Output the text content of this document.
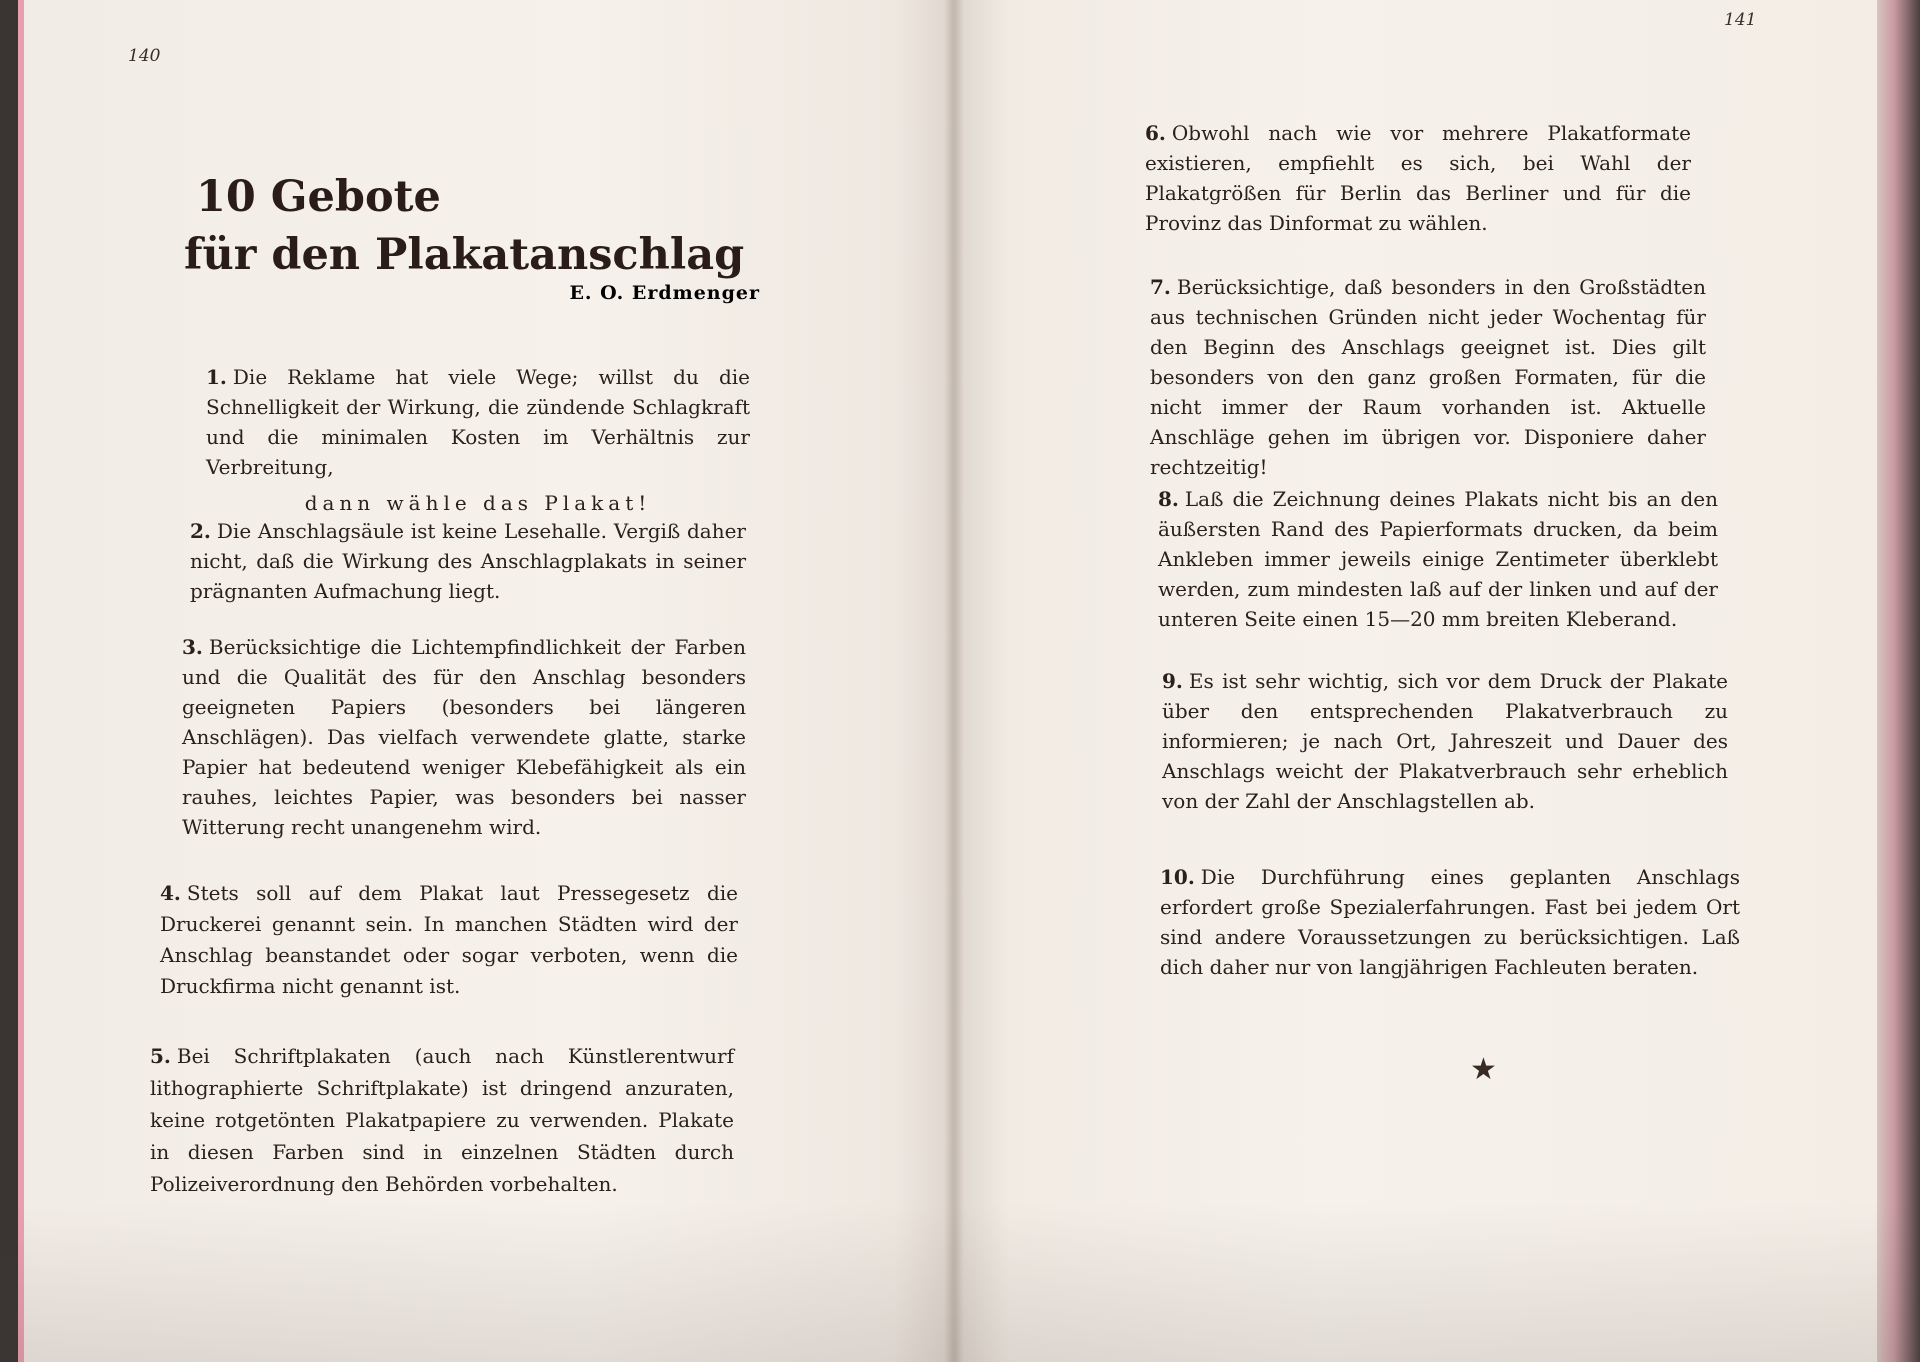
140
10 Gebote
für den Plakatanschlag
E. O. Erdmenger
1. Die Reklame hat viele Wege; willst du die Schnelligkeit der Wirkung, die zündende Schlagkraft und die minimalen Kosten im Verhältnis zur Verbreitung,
dann wähle das Plakat!
2. Die Anschlagsäule ist keine Lesehalle. Vergiß daher nicht, daß die Wirkung des Anschlagplakats in seiner prägnanten Aufmachung liegt.
3. Berücksichtige die Lichtempfindlichkeit der Farben und die Qualität des für den Anschlag besonders geeigneten Papiers (besonders bei längeren Anschlägen). Das vielfach verwendete glatte, starke Papier hat bedeutend weniger Klebefähigkeit als ein rauhes, leichtes Papier, was besonders bei nasser Witterung recht unangenehm wird.
4. Stets soll auf dem Plakat laut Pressegesetz die Druckerei genannt sein. In manchen Städten wird der Anschlag beanstandet oder sogar verboten, wenn die Druckfirma nicht genannt ist.
5. Bei Schriftplakaten (auch nach Künstlerentwurf lithographierte Schriftplakate) ist dringend anzuraten, keine rotgetönten Plakatpapiere zu verwenden. Plakate in diesen Farben sind in einzelnen Städten durch Polizeiverordnung den Behörden vorbehalten.
141
6. Obwohl nach wie vor mehrere Plakatformate existieren, empfiehlt es sich, bei Wahl der Plakatgrößen für Berlin das Berliner und für die Provinz das Dinformat zu wählen.
7. Berücksichtige, daß besonders in den Großstädten aus technischen Gründen nicht jeder Wochentag für den Beginn des Anschlags geeignet ist. Dies gilt besonders von den ganz großen Formaten, für die nicht immer der Raum vorhanden ist. Aktuelle Anschläge gehen im übrigen vor. Disponiere daher rechtzeitig!
8. Laß die Zeichnung deines Plakats nicht bis an den äußersten Rand des Papierformats drucken, da beim Ankleben immer jeweils einige Zentimeter überklebt werden, zum mindesten laß auf der linken und auf der unteren Seite einen 15—20 mm breiten Kleberand.
9. Es ist sehr wichtig, sich vor dem Druck der Plakate über den entsprechenden Plakatverbrauch zu informieren; je nach Ort, Jahreszeit und Dauer des Anschlags weicht der Plakatverbrauch sehr erheblich von der Zahl der Anschlagstellen ab.
10. Die Durchführung eines geplanten Anschlags erfordert große Spezialerfahrungen. Fast bei jedem Ort sind andere Voraussetzungen zu berücksichtigen. Laß dich daher nur von langjährigen Fachleuten beraten.
★
